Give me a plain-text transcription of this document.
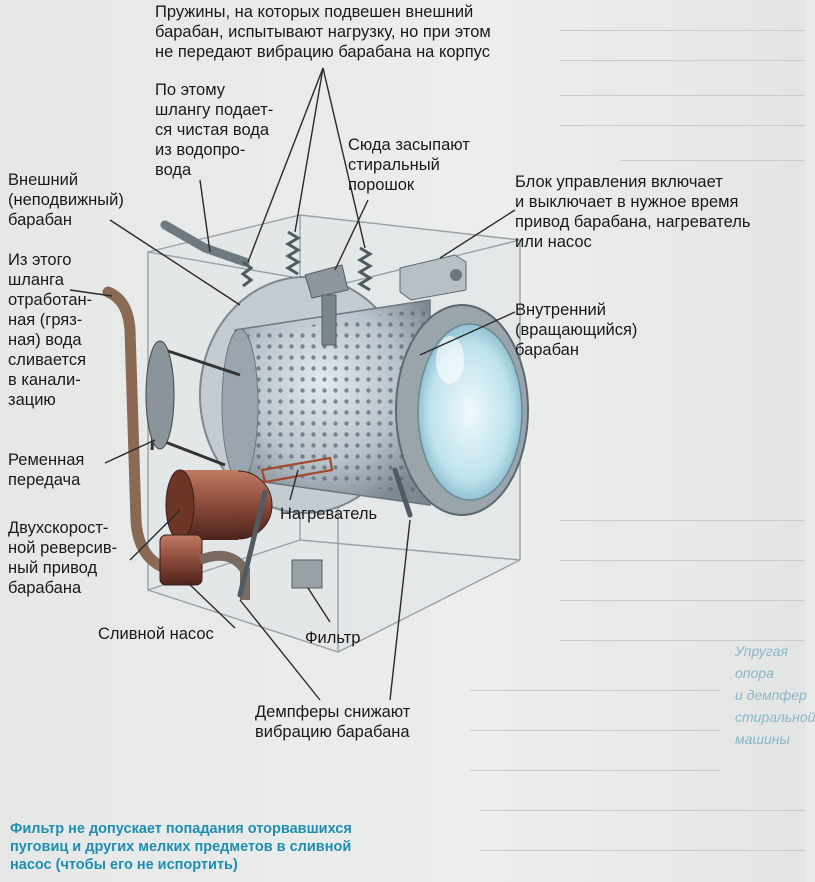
Пружины, на которых подвешен внешний
барабан, испытывают нагрузку, но при этом
не передают вибрацию барабана на корпус
По этому
шлангу подает-
ся чистая вода
из водопро-
вода
Сюда засыпают
стиральный
порошок
Внешний
(неподвижный)
барабан
Блок управления включает
и выключает в нужное время
привод барабана, нагреватель
или насос
Из этого
шланга
отработан-
ная (гряз-
ная) вода
сливается
в канали-
зацию
Внутренний
(вращающийся)
барабан
Ременная
передача
Двухскорост-
ной реверсив-
ный привод
барабана
Нагреватель
Сливной насос	Фильтр
Демпферы снижают
вибрацию барабана
Упругая
опора
и демпфер
стиральной
машины
Фильтр не допускает попадания оторвавшихся
пуговиц и других мелких предметов в сливной
насос (чтобы его не испортить)
